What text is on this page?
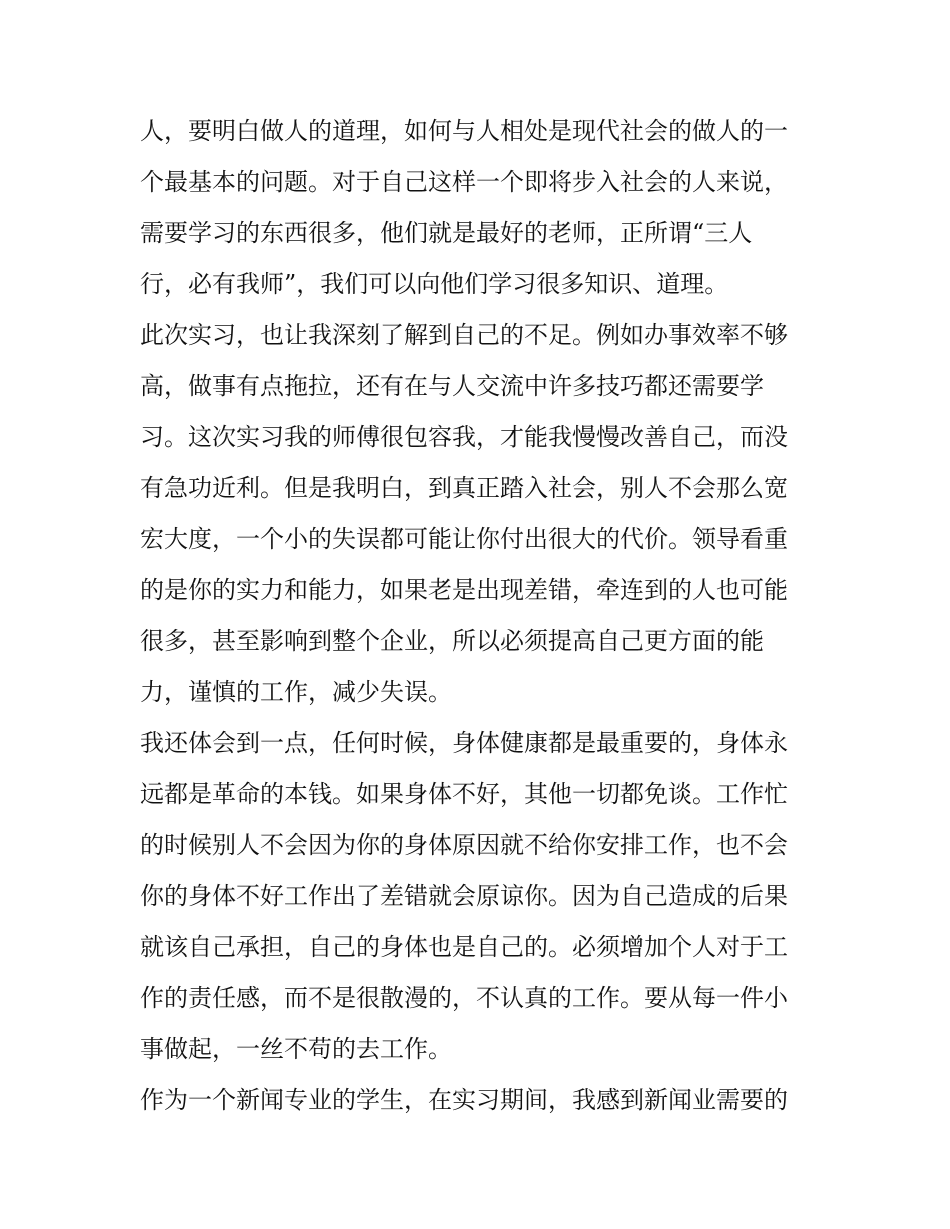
人，要明白做人的道理，如何与人相处是现代社会的做人的一
个最基本的问题。对于自己这样一个即将步入社会的人来说，
需要学习的东西很多，他们就是最好的老师，正所谓“三人
行，必有我师”，我们可以向他们学习很多知识、道理。
此次实习，也让我深刻了解到自己的不足。例如办事效率不够
高，做事有点拖拉，还有在与人交流中许多技巧都还需要学
习。这次实习我的师傅很包容我，才能我慢慢改善自己，而没
有急功近利。但是我明白，到真正踏入社会，别人不会那么宽
宏大度，一个小的失误都可能让你付出很大的代价。领导看重
的是你的实力和能力，如果老是出现差错，牵连到的人也可能
很多，甚至影响到整个企业，所以必须提高自己更方面的能
力，谨慎的工作，减少失误。
我还体会到一点，任何时候，身体健康都是最重要的，身体永
远都是革命的本钱。如果身体不好，其他一切都免谈。工作忙
的时候别人不会因为你的身体原因就不给你安排工作，也不会
你的身体不好工作出了差错就会原谅你。因为自己造成的后果
就该自己承担，自己的身体也是自己的。必须增加个人对于工
作的责任感，而不是很散漫的，不认真的工作。要从每一件小
事做起，一丝不苟的去工作。
作为一个新闻专业的学生，在实习期间，我感到新闻业需要的
